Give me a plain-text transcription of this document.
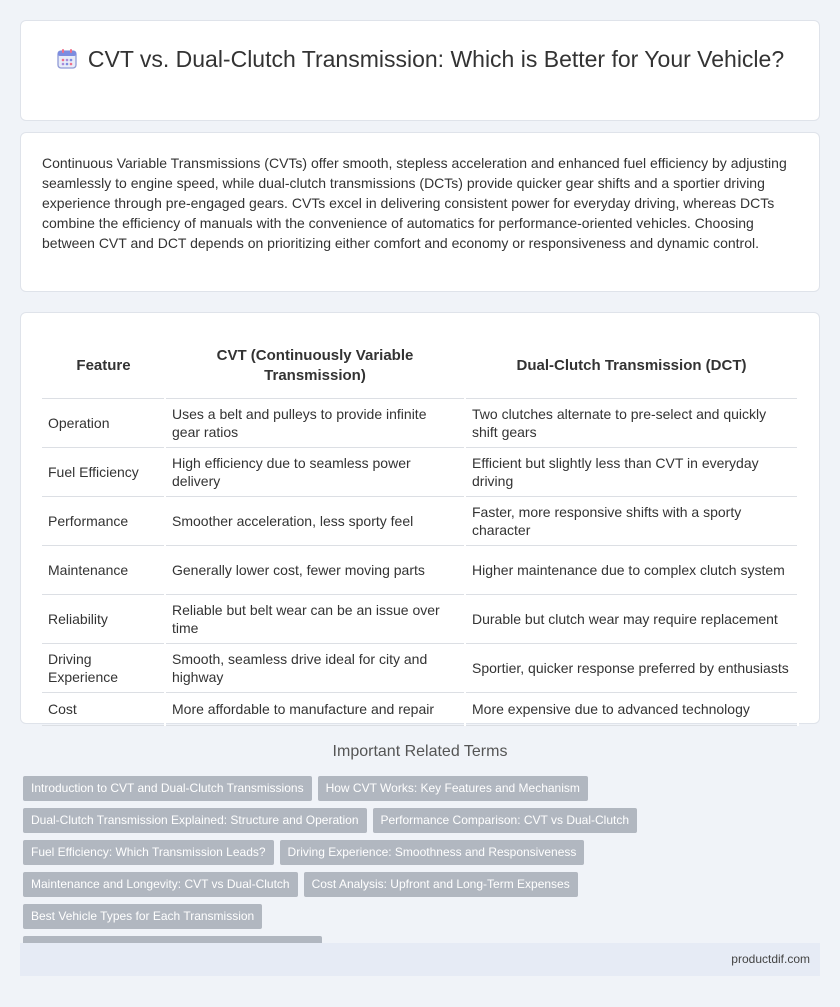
CVT vs. Dual-Clutch Transmission: Which is Better for Your Vehicle?

Continuous Variable Transmissions (CVTs) offer smooth, stepless acceleration and enhanced fuel efficiency by adjusting seamlessly to engine speed, while dual-clutch transmissions (DCTs) provide quicker gear shifts and a sportier driving experience through pre-engaged gears. CVTs excel in delivering consistent power for everyday driving, whereas DCTs combine the efficiency of manuals with the convenience of automatics for performance-oriented vehicles. Choosing between CVT and DCT depends on prioritizing either comfort and economy or responsiveness and dynamic control.

Feature	CVT (Continuously Variable Transmission)	Dual-Clutch Transmission (DCT)
Operation	Uses a belt and pulleys to provide infinite gear ratios	Two clutches alternate to pre-select and quickly shift gears
Fuel Efficiency	High efficiency due to seamless power delivery	Efficient but slightly less than CVT in everyday driving
Performance	Smoother acceleration, less sporty feel	Faster, more responsive shifts with a sporty character
Maintenance	Generally lower cost, fewer moving parts	Higher maintenance due to complex clutch system
Reliability	Reliable but belt wear can be an issue over time	Durable but clutch wear may require replacement
Driving Experience	Smooth, seamless drive ideal for city and highway	Sportier, quicker response preferred by enthusiasts
Cost	More affordable to manufacture and repair	More expensive due to advanced technology
Important Related Terms
Introduction to CVT and Dual-Clutch Transmissions How CVT Works: Key Features and Mechanism
Dual-Clutch Transmission Explained: Structure and Operation Performance Comparison: CVT vs Dual-Clutch
Fuel Efficiency: Which Transmission Leads? Driving Experience: Smoothness and Responsiveness
Maintenance and Longevity: CVT vs Dual-Clutch Cost Analysis: Upfront and Long-Term ExpensesBest Vehicle Types for Each Transmission

productdif.com
